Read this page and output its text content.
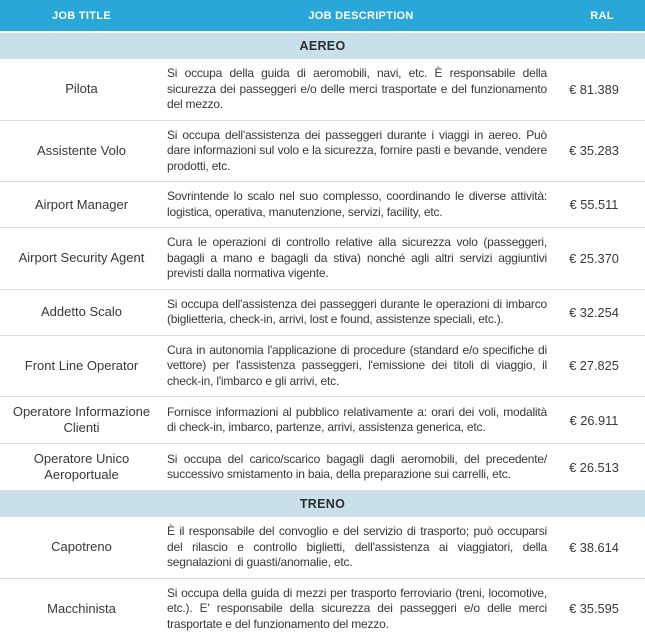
JOB TITLE	JOB DESCRIPTION	RAL
AEREO		
Pilota	Si occupa della guida di aeromobili, navi, etc. È responsabile della sicurezza dei passeggeri e/o delle merci trasportate e del funzionamento del mezzo.	€ 81.389
Assistente Volo	Si occupa dell'assistenza dei passeggeri durante i viaggi in aereo. Può dare informazioni sul volo e la sicurezza, fornire pasti e bevande, vendere prodotti, etc.	€ 35.283
Airport Manager	Sovrintende lo scalo nel suo complesso, coordinando le diverse attività: logistica, operativa, manutenzione, servizi, facility, etc.	€ 55.511
Airport Security Agent	Cura le operazioni di controllo relative alla sicurezza volo (passeggeri, bagagli a mano e bagagli da stiva) nonché agli altri servizi aggiuntivi previsti dalla normativa vigente.	€ 25.370
Addetto Scalo	Si occupa dell'assistenza dei passeggeri durante le operazioni di imbarco (biglietteria, check-in, arrivi, lost e found, assistenze speciali, etc.).	€ 32.254
Front Line Operator	Cura in autonomia l'applicazione di procedure (standard e/o specifiche di vettore) per l'assistenza passeggeri, l'emissione dei titoli di viaggio, il check-in, l'imbarco e gli arrivi, etc.	€ 27.825
Operatore Informazione Clienti	Fornisce informazioni al pubblico relativamente a: orari dei voli, modalità di check-in, imbarco, partenze, arrivi, assistenza generica, etc.	€ 26.911
Operatore Unico Aeroportuale	Si occupa del carico/scarico bagagli dagli aeromobili, del precedente/ successivo smistamento in baia, della preparazione sui carrelli, etc.	€ 26.513
TRENO		
Capotreno	È il responsabile del convoglio e del servizio di trasporto; può occuparsi del rilascio e controllo biglietti, dell'assistenza ai viaggiatori, della segnalazioni di guasti/anomalie, etc.	€ 38.614
Macchinista	Si occupa della guida di mezzi per trasporto ferroviario (treni, locomotive, etc.). E' responsabile della sicurezza dei passeggeri e/o delle merci trasportate e del funzionamento del mezzo.	€ 35.595
